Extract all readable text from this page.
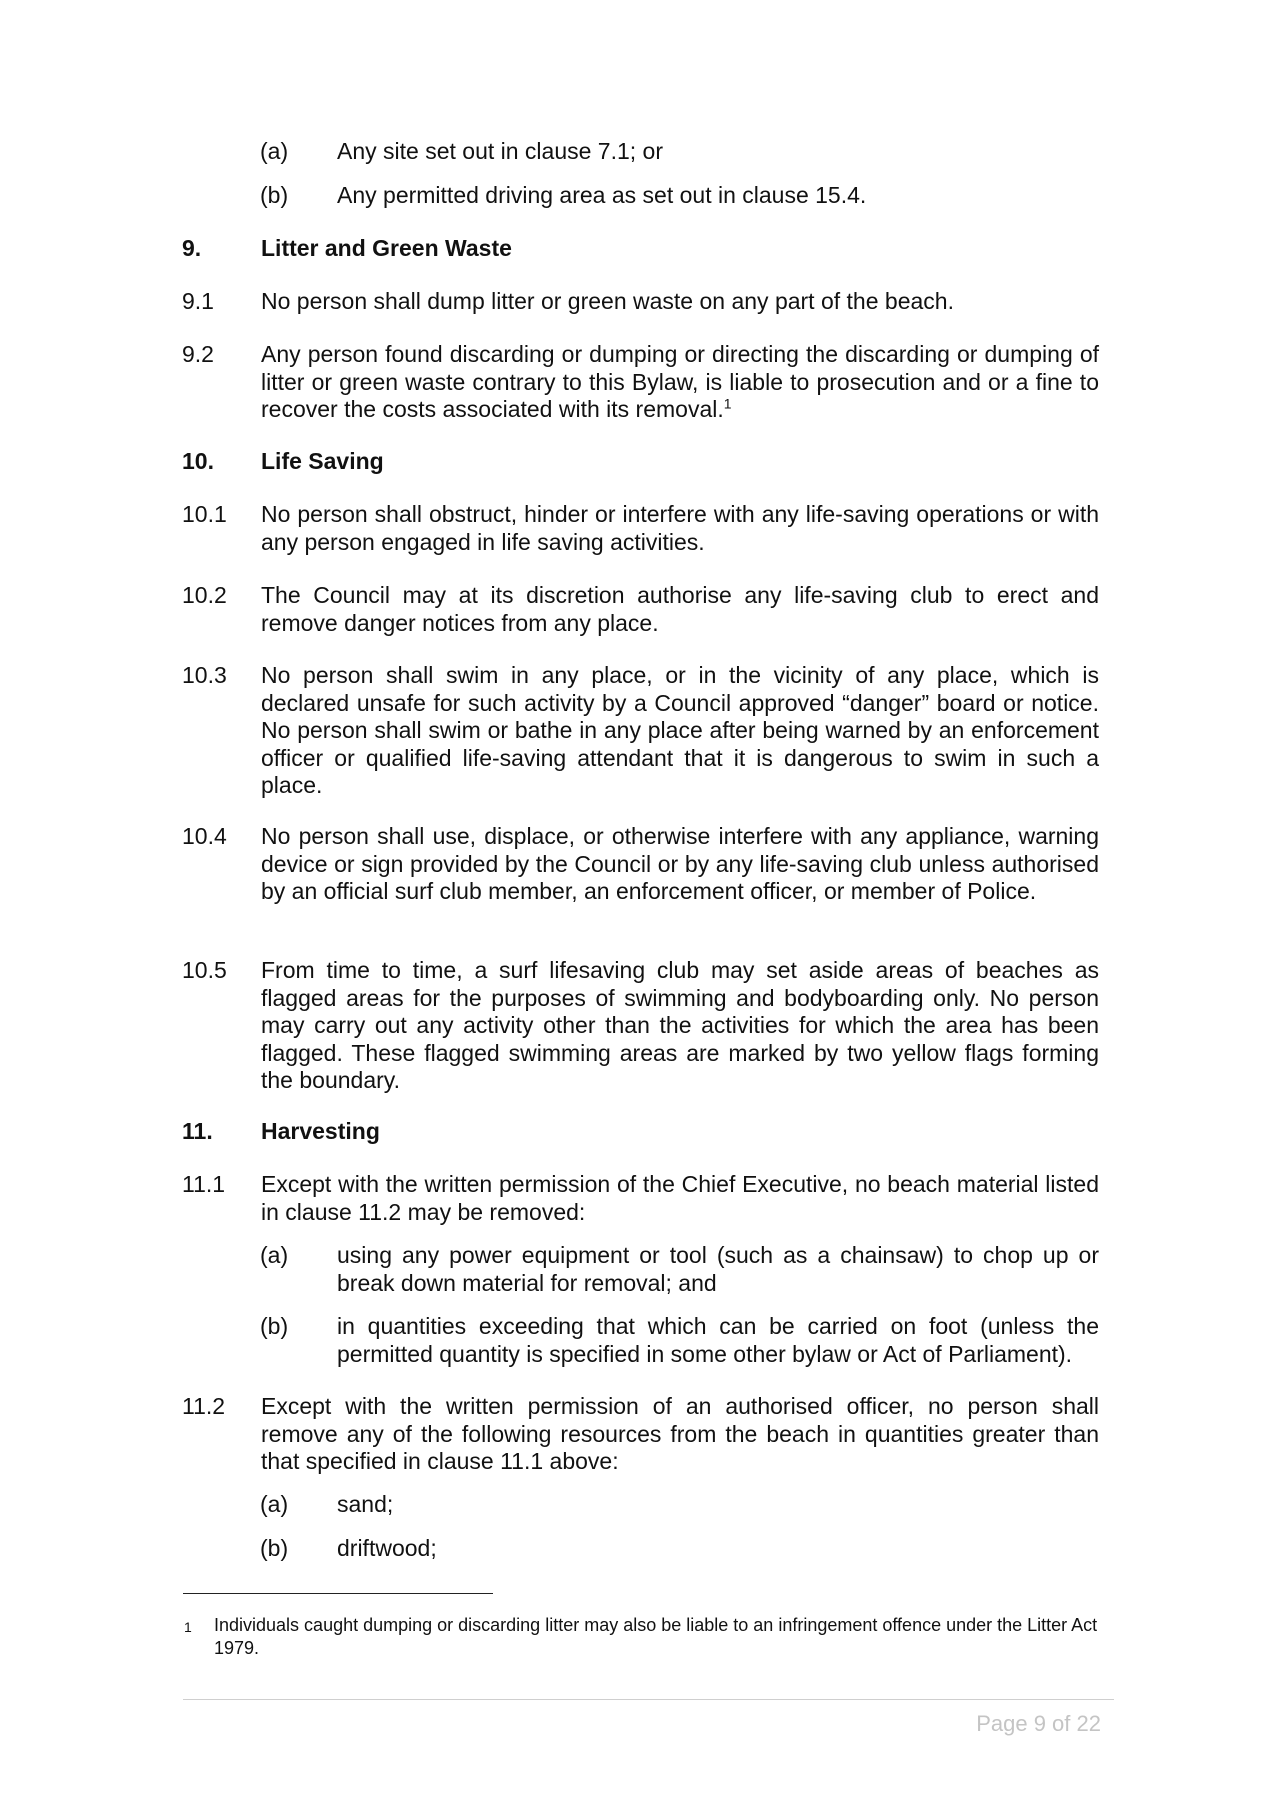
(a) Any site set out in clause 7.1; or
(b) Any permitted driving area as set out in clause 15.4.
9.	Litter and Green Waste
9.1 No person shall dump litter or green waste on any part of the beach.
9.2 Any person found discarding or dumping or directing the discarding or dumping of litter or green waste contrary to this Bylaw, is liable to prosecution and or a fine to recover the costs associated with its removal.$^1$
10. Life Saving
10.1 No person shall obstruct, hinder or interfere with any life-saving operations or with any person engaged in life saving activities.
10.2 The Council may at its discretion authorise any life-saving club to erect and remove danger notices from any place.
10.3 No person shall swim in any place, or in the vicinity of any place, which is declared unsafe for such activity by a Council approved “danger” board or notice. No person shall swim or bathe in any place after being warned by an enforcement officer or qualified life-saving attendant that it is dangerous to swim in such a place.
10.4 No person shall use, displace, or otherwise interfere with any appliance, warning device or sign provided by the Council or by any life-saving club unless authorised by an official surf club member, an enforcement officer, or member of Police.
10.5 From time to time, a surf lifesaving club may set aside areas of beaches as flagged areas for the purposes of swimming and bodyboarding only. No person may carry out any activity other than the activities for which the area has been flagged. These flagged swimming areas are marked by two yellow flags forming the boundary.
11. Harvesting
11.1 Except with the written permission of the Chief Executive, no beach material listed in clause 11.2 may be removed:
(a) using any power equipment or tool (such as a chainsaw) to chop up or break down material for removal; and
(b) in quantities exceeding that which can be carried on foot (unless the permitted quantity is specified in some other bylaw or Act of Parliament).
11.2 Except with the written permission of an authorised officer, no person shall remove any of the following resources from the beach in quantities greater than that specified in clause 11.1 above:
(a) sand;
(b) driftwood;
1 Individuals caught dumping or discarding litter may also be liable to an infringement offence under the Litter Act 1979.
Page 9 of 22
